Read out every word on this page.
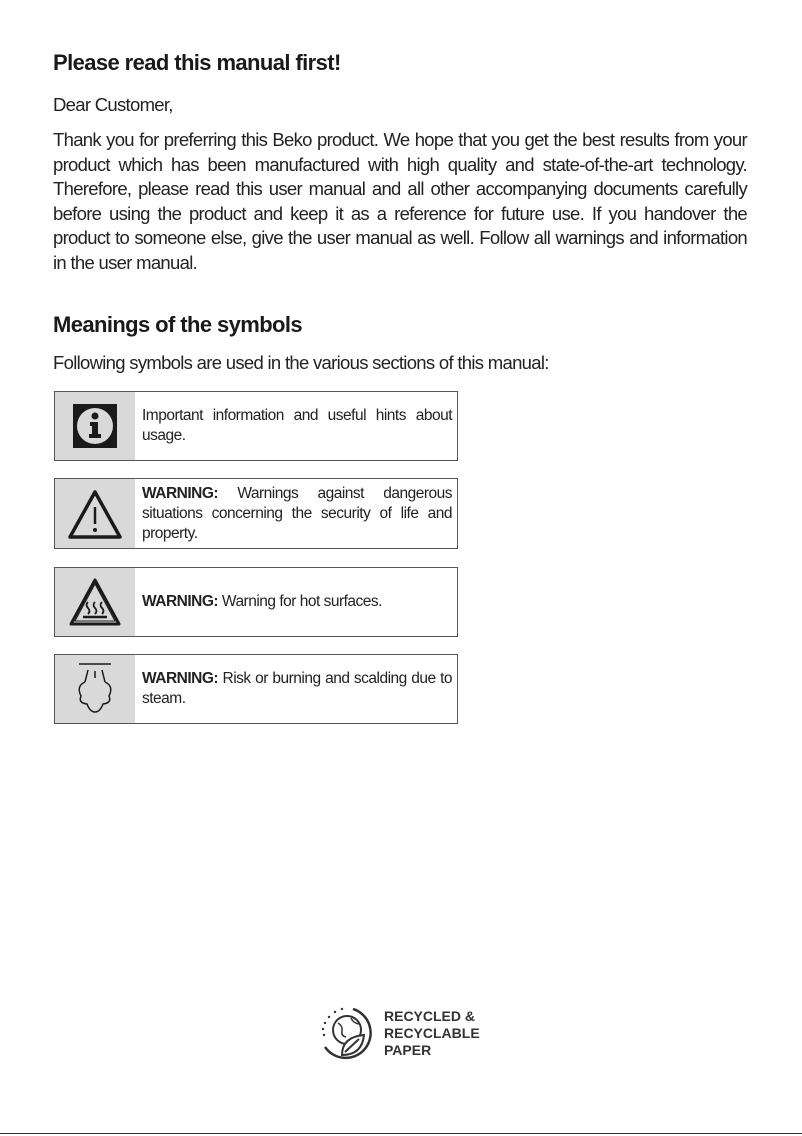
Please read this manual first!

Dear Customer,

Thank you for preferring this Beko product. We hope that you get the best results from your product which has been manufactured with high quality and state-of-the-art technology. Therefore, please read this user manual and all other accompanying documents carefully before using the product and keep it as a reference for future use. If you handover the product to someone else, give the user manual as well. Follow all warnings and information in the user manual.

Meanings of the symbols

Following symbols are used in the various sections of this manual:

Important information and useful hints about usage.
WARNING: Warnings against dangerous situations concerning the security of life and property.
WARNING: Warning for hot surfaces.
WARNING: Risk or burning and scalding due to steam.
RECYCLED &
RECYCLABLE
PAPER
